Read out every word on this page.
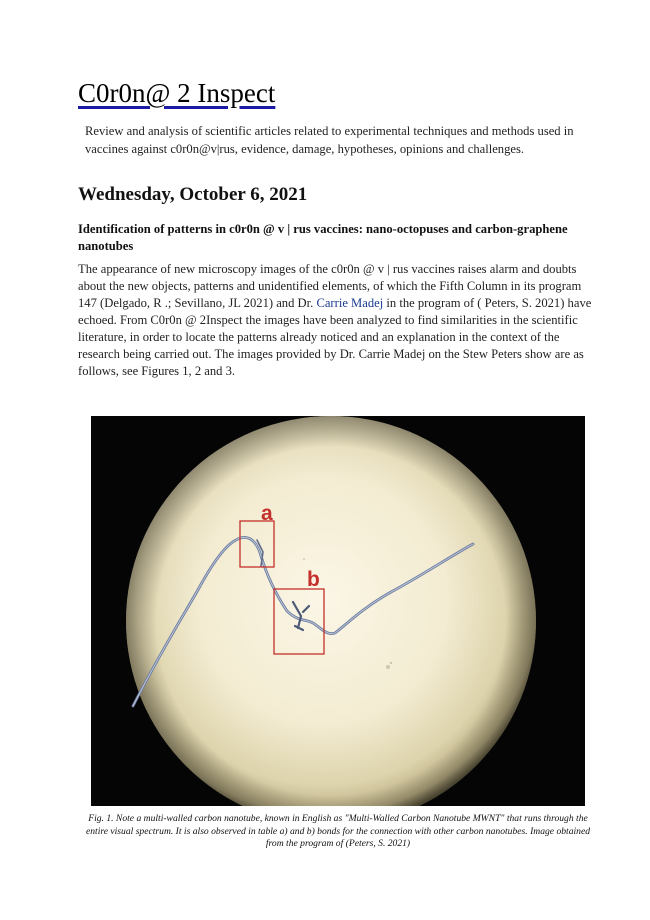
C0r0n@ 2 Inspect

Review and analysis of scientific articles related to experimental techniques and methods used in vaccines against c0r0n@v|rus, evidence, damage, hypotheses, opinions and challenges.

Wednesday, October 6, 2021
Identification of patterns in c0r0n @ v | rus vaccines: nano-octopuses and carbon-graphene nanotubes

The appearance of new microscopy images of the c0r0n @ v | rus vaccines raises alarm and doubts about the new objects, patterns and unidentified elements, of which the Fifth Column in its program 147 (Delgado, R .; Sevillano, JL 2021) and Dr. Carrie Madej in the program of ( Peters, S. 2021) have echoed. From C0r0n @ 2Inspect the images have been analyzed to find similarities in the scientific literature, in order to locate the patterns already noticed and an explanation in the context of the research being carried out. The images provided by Dr. Carrie Madej on the Stew Peters show are as follows, see Figures 1, 2 and 3.

a
b

Fig. 1. Note a multi-walled carbon nanotube, known in English as "Multi-Walled Carbon Nanotube MWNT" that runs through the entire visual spectrum. It is also observed in table a) and b) bonds for the connection with other carbon nanotubes. Image obtained from the program of (Peters, S. 2021)
